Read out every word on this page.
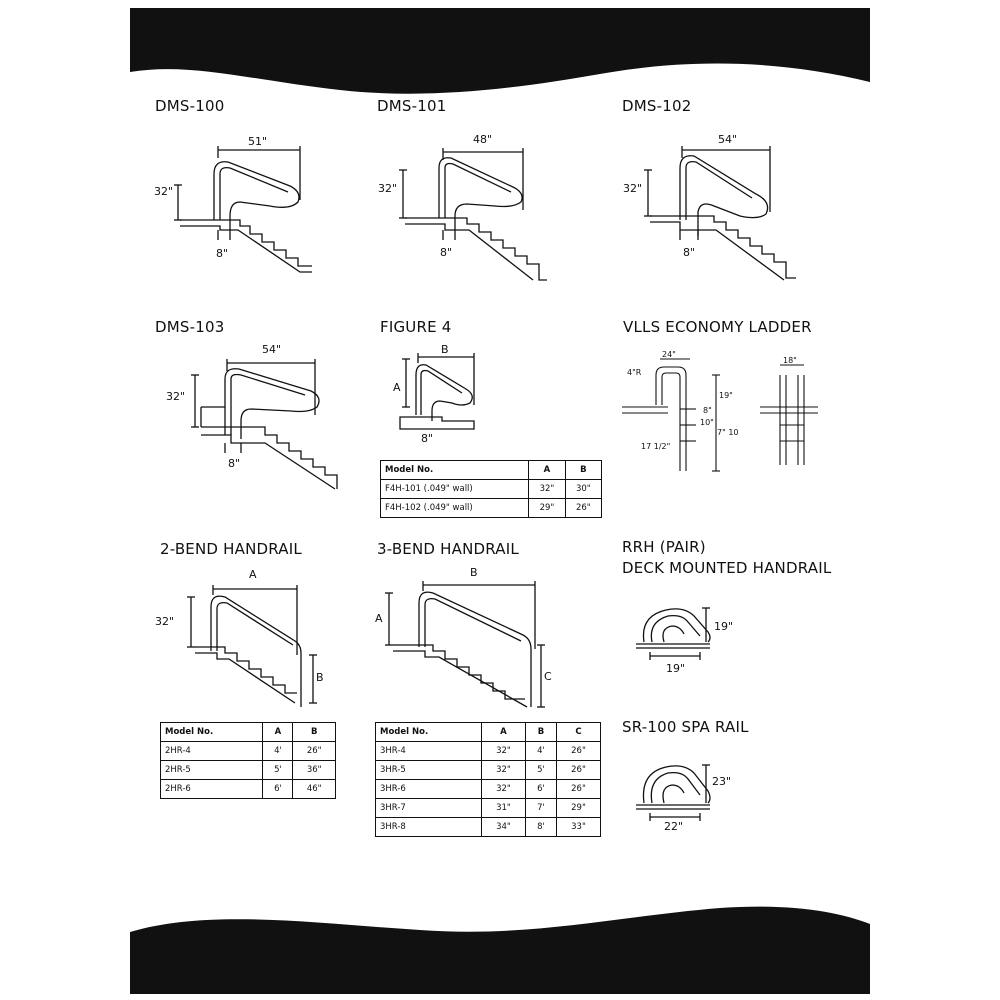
DMS-100
51"
32"
8"
DMS-101
48"
32"
8"
DMS-102
54"
32"
8"
DMS-103
54"
32"
8"
FIGURE 4
B
A
8"
Model No.	A	B
F4H-101 (.049" wall)	32"	30"
F4H-102 (.049" wall)	29"	26"
VLLS ECONOMY LADDER
24"
18"
4"R
19"
8"
10"
17 1/2"
7" 10
2-BEND HANDRAIL
A
32"
B
Model No.	A	B
2HR-4	4'	26"
2HR-5	5'	36"
2HR-6	6'	46"
3-BEND HANDRAIL
B
A
C
Model No.	A	B	C
3HR-4	32"	4'	26"
3HR-5	32"	5'	26"
3HR-6	32"	6'	26"
3HR-7	31"	7'	29"
3HR-8	34"	8'	33"
RRH (PAIR)
DECK MOUNTED HANDRAIL
19"
19"
SR-100 SPA RAIL
23"
22"
